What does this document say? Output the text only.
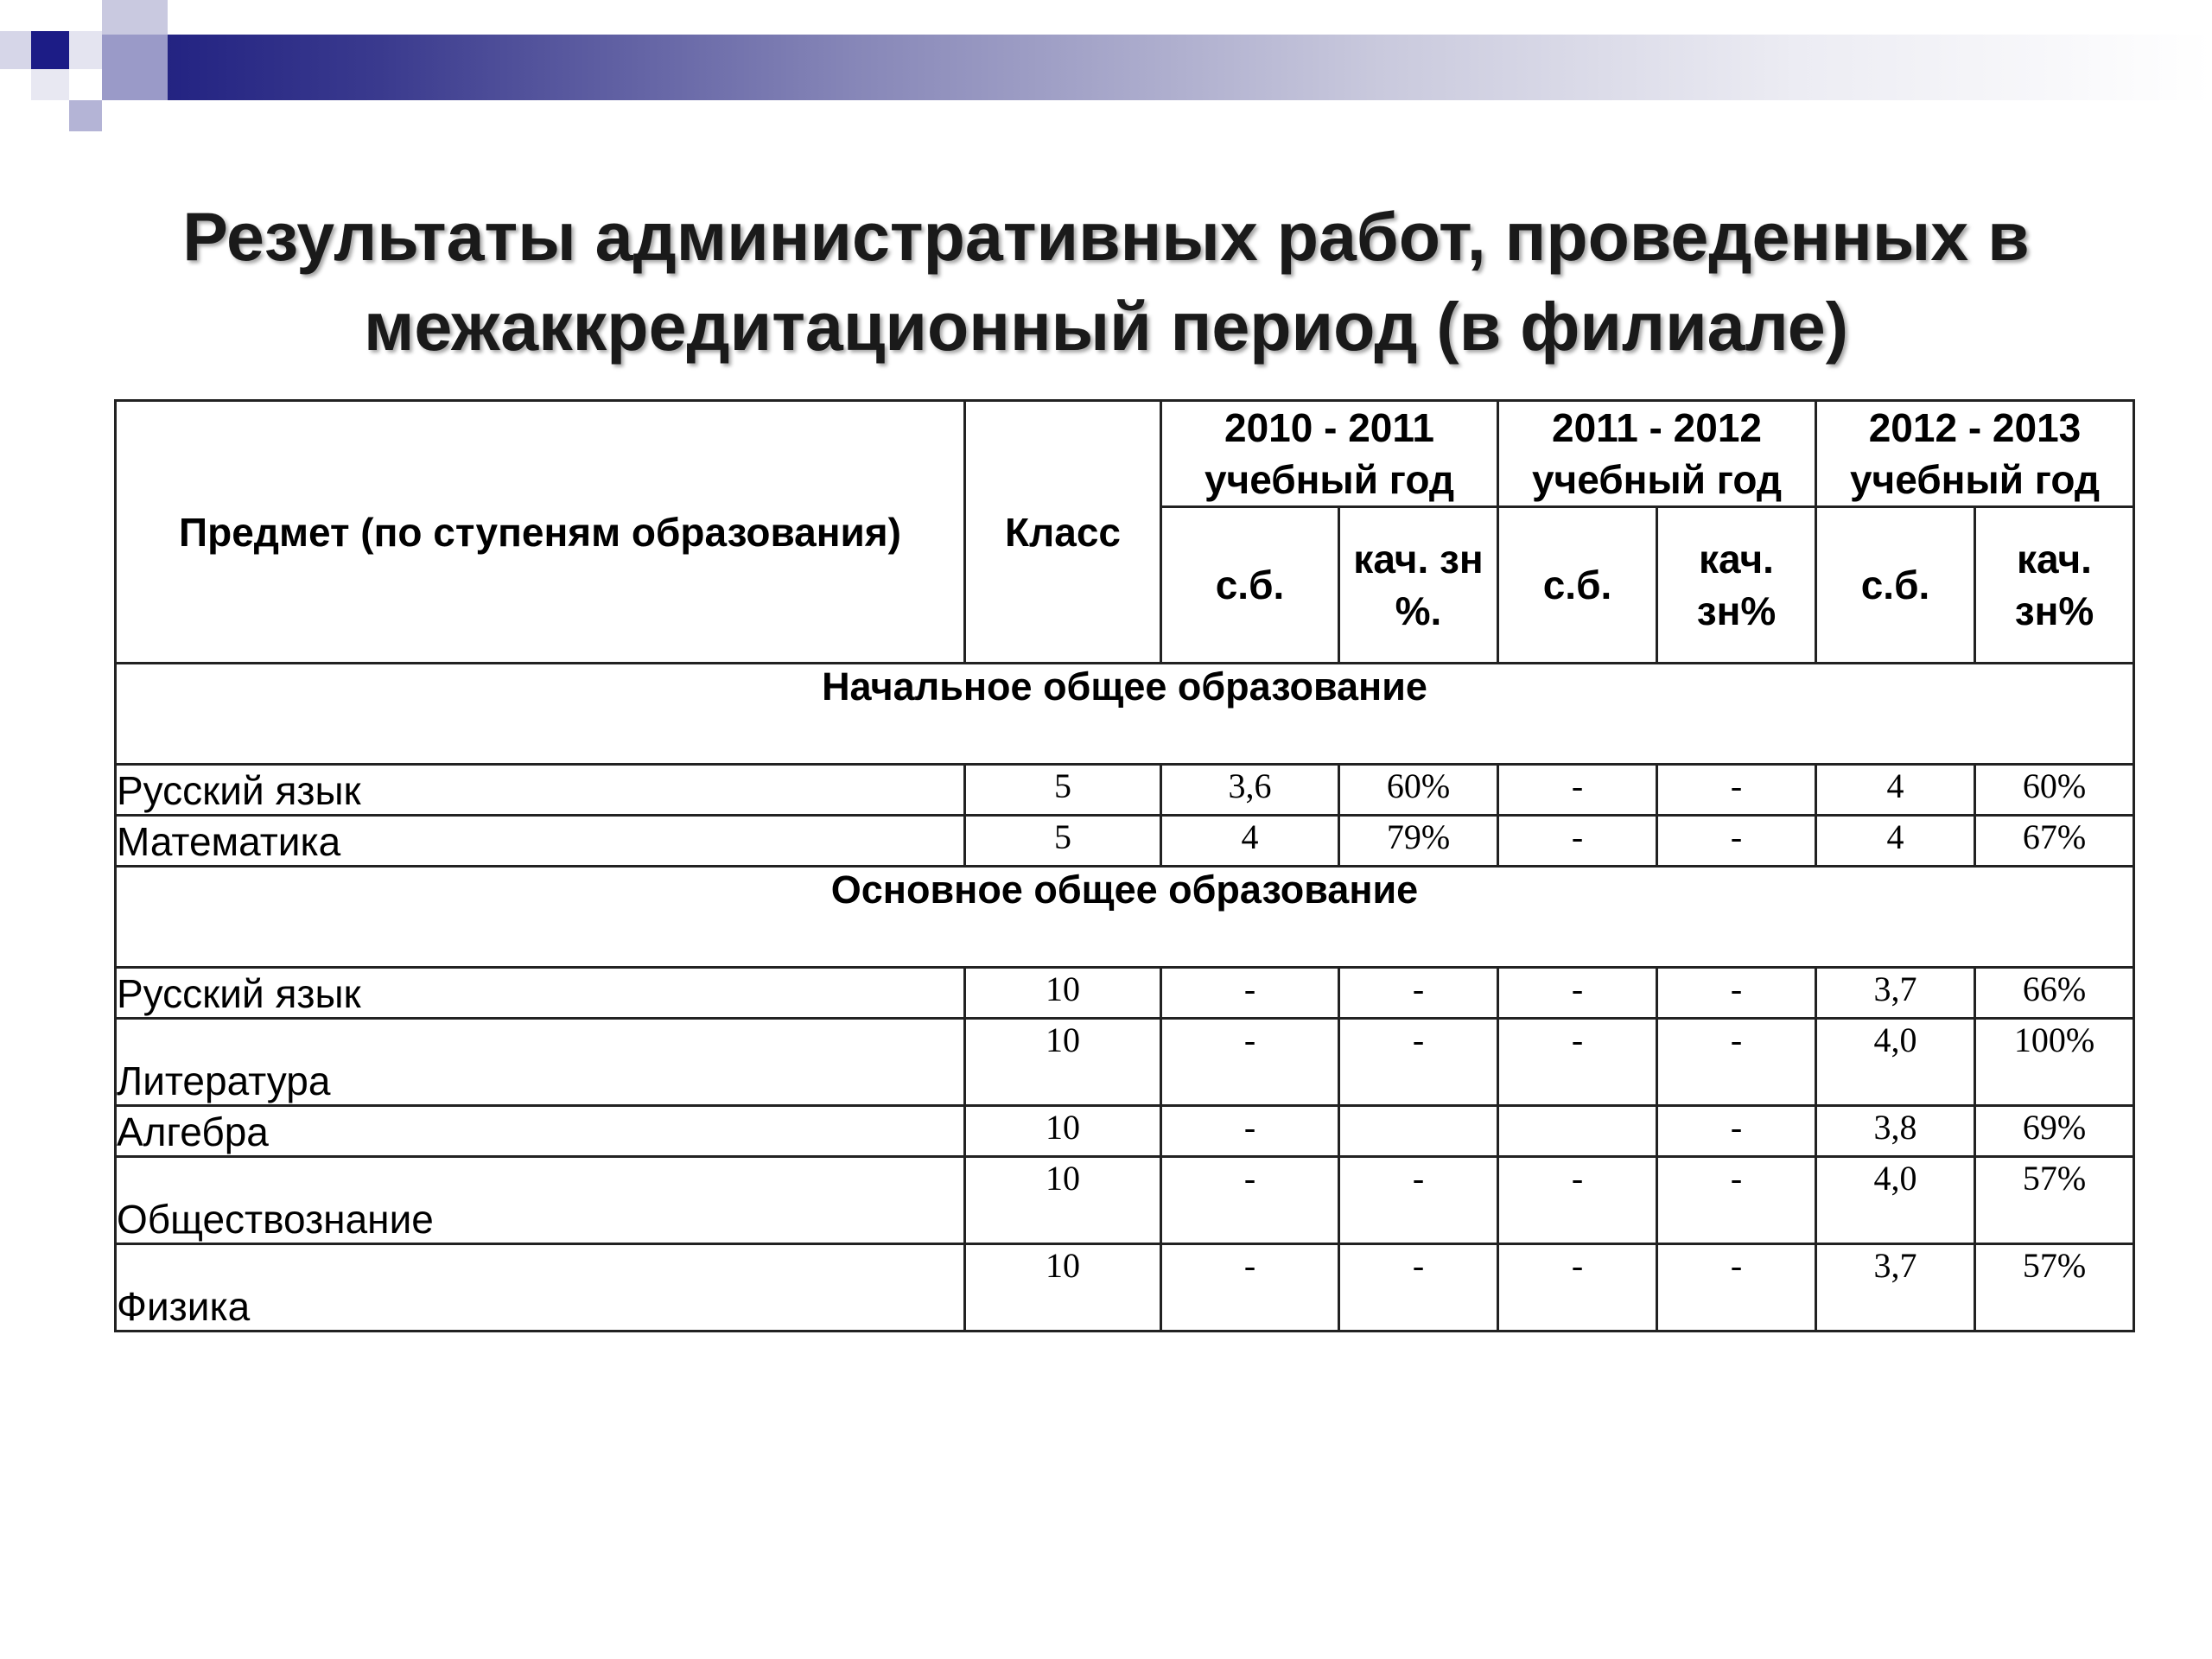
Результаты административных работ, проведенных в межаккредитационный период (в филиале)
Предмет (по ступеням образования)	Класс	2010 - 2011 учебный год		2011 - 2012 учебный год		2012 - 2013 учебный год	
		с.б.	кач. зн %.	с.б.	кач. зн%	с.б.	кач. зн%
Начальное общее образование							
Русский язык	5	3,6	60%	-	-	4	60%
Математика	5	4	79%	-	-	4	67%
Основное общее образование							
Русский язык	10	-	-	-	-	3,7	66%
Литература	10	-	-	-	-	4,0	100%
Алгебра	10	-			-	3,8	69%
Обществознание	10	-	-	-	-	4,0	57%
Физика	10	-	-	-	-	3,7	57%
